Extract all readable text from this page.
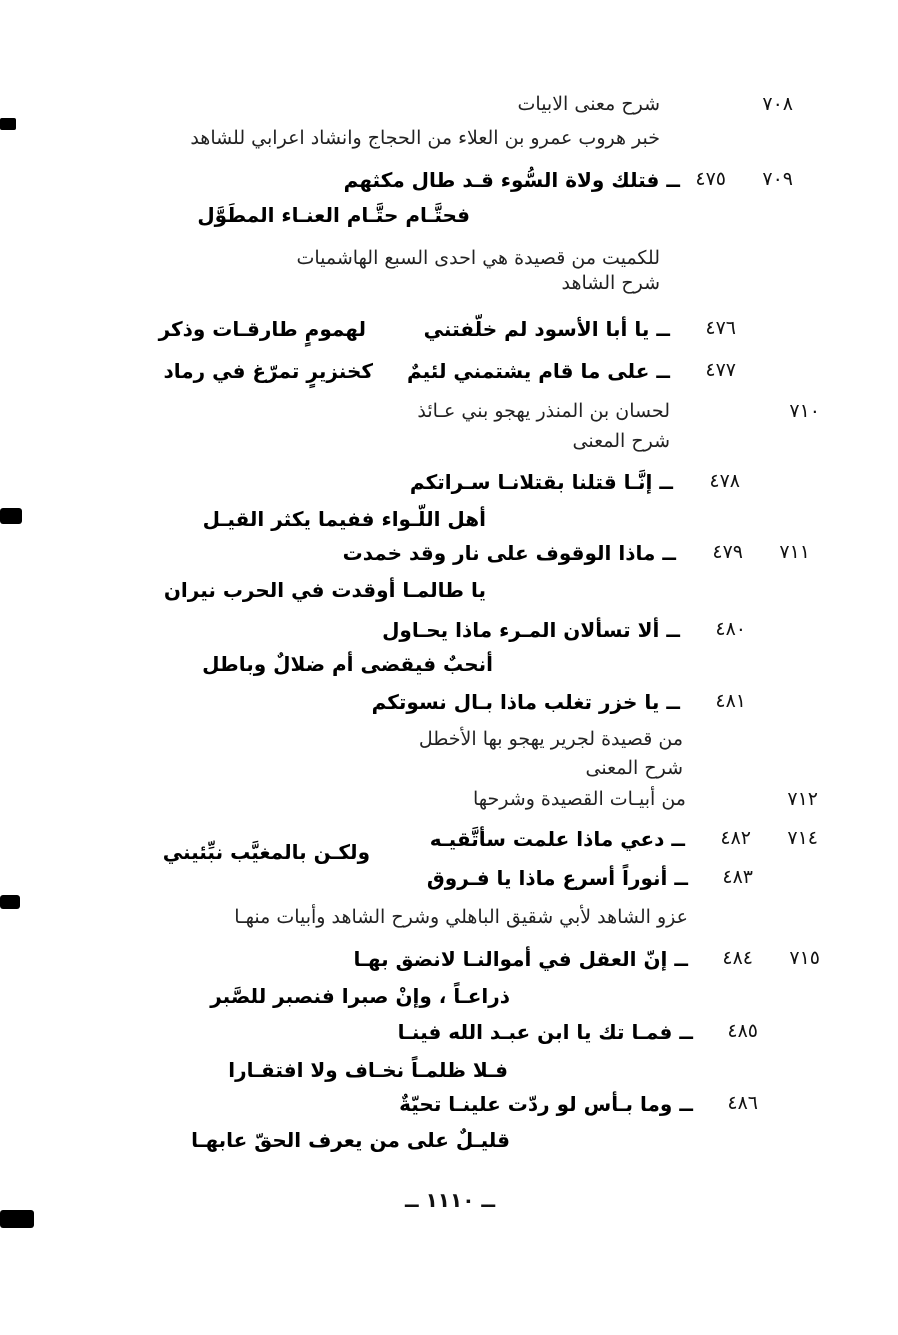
٧٠٨
شرح معنى الابيات
خبر هروب عمرو بن العلاء من الحجاج وانشاد اعرابي للشاهد
٧٠٩
٤٧٥
ــ فتلك ولاة السُّوء قـد طال مكثهم
فحتَّـام حتَّـام العنـاء المطَوَّل
للكميت من قصيدة هي احدى السبع الهاشميات
شرح الشاهد
٤٧٦
ــ يا أبا الأسود لم خلّفتني
لهمومٍ طارقـات وذكر
٤٧٧
ــ على ما قام يشتمني لئيمٌ
كخنزيرٍ تمرّغ في رماد
٧١٠
لحسان بن المنذر يهجو بني عـائذ
شرح المعنى
٤٧٨
ــ إنَّـا قتلنا بقتلانـا سـراتكم
أهل اللّـواء ففيما يكثر القيـل
٧١١
٤٧٩
ــ ماذا الوقوف على نار وقد خمدت
يا طالمـا أوقدت في الحرب نيران
٤٨٠
ــ ألا تسألان المـرء ماذا يحـاول
أنحبٌ فيقضى أم ضلالٌ وباطل
٤٨١
ــ يا خزر تغلب ماذا بـال نسوتكم
من قصيدة لجرير يهجو بها الأخطل
شرح المعنى
٧١٢
من أبيـات القصيدة وشرحها
٧١٤
٤٨٢
ــ دعي ماذا علمت سأتَّقيـه
ولكـن بالمغيَّب نبِّئيني
٤٨٣
ــ أنوراً أسرع ماذا يا فـروق
عزو الشاهد لأبي شقيق الباهلي وشرح الشاهد وأبيات منهـا
٧١٥
٤٨٤
ــ إنّ العقل في أموالنـا لانضق بهـا
ذراعـاً ، وإنْ صبرا فنصبر للصَّبر
٤٨٥
ــ فمـا تك يا ابن عبـد الله فينـا
فـلا ظلمـاً نخـاف ولا افتقـارا
٤٨٦
ــ وما بـأس لو ردّت علينـا تحيّةٌ
قليـلٌ على من يعرف الحقّ عابهـا
ــ ١١١٠ ــ
